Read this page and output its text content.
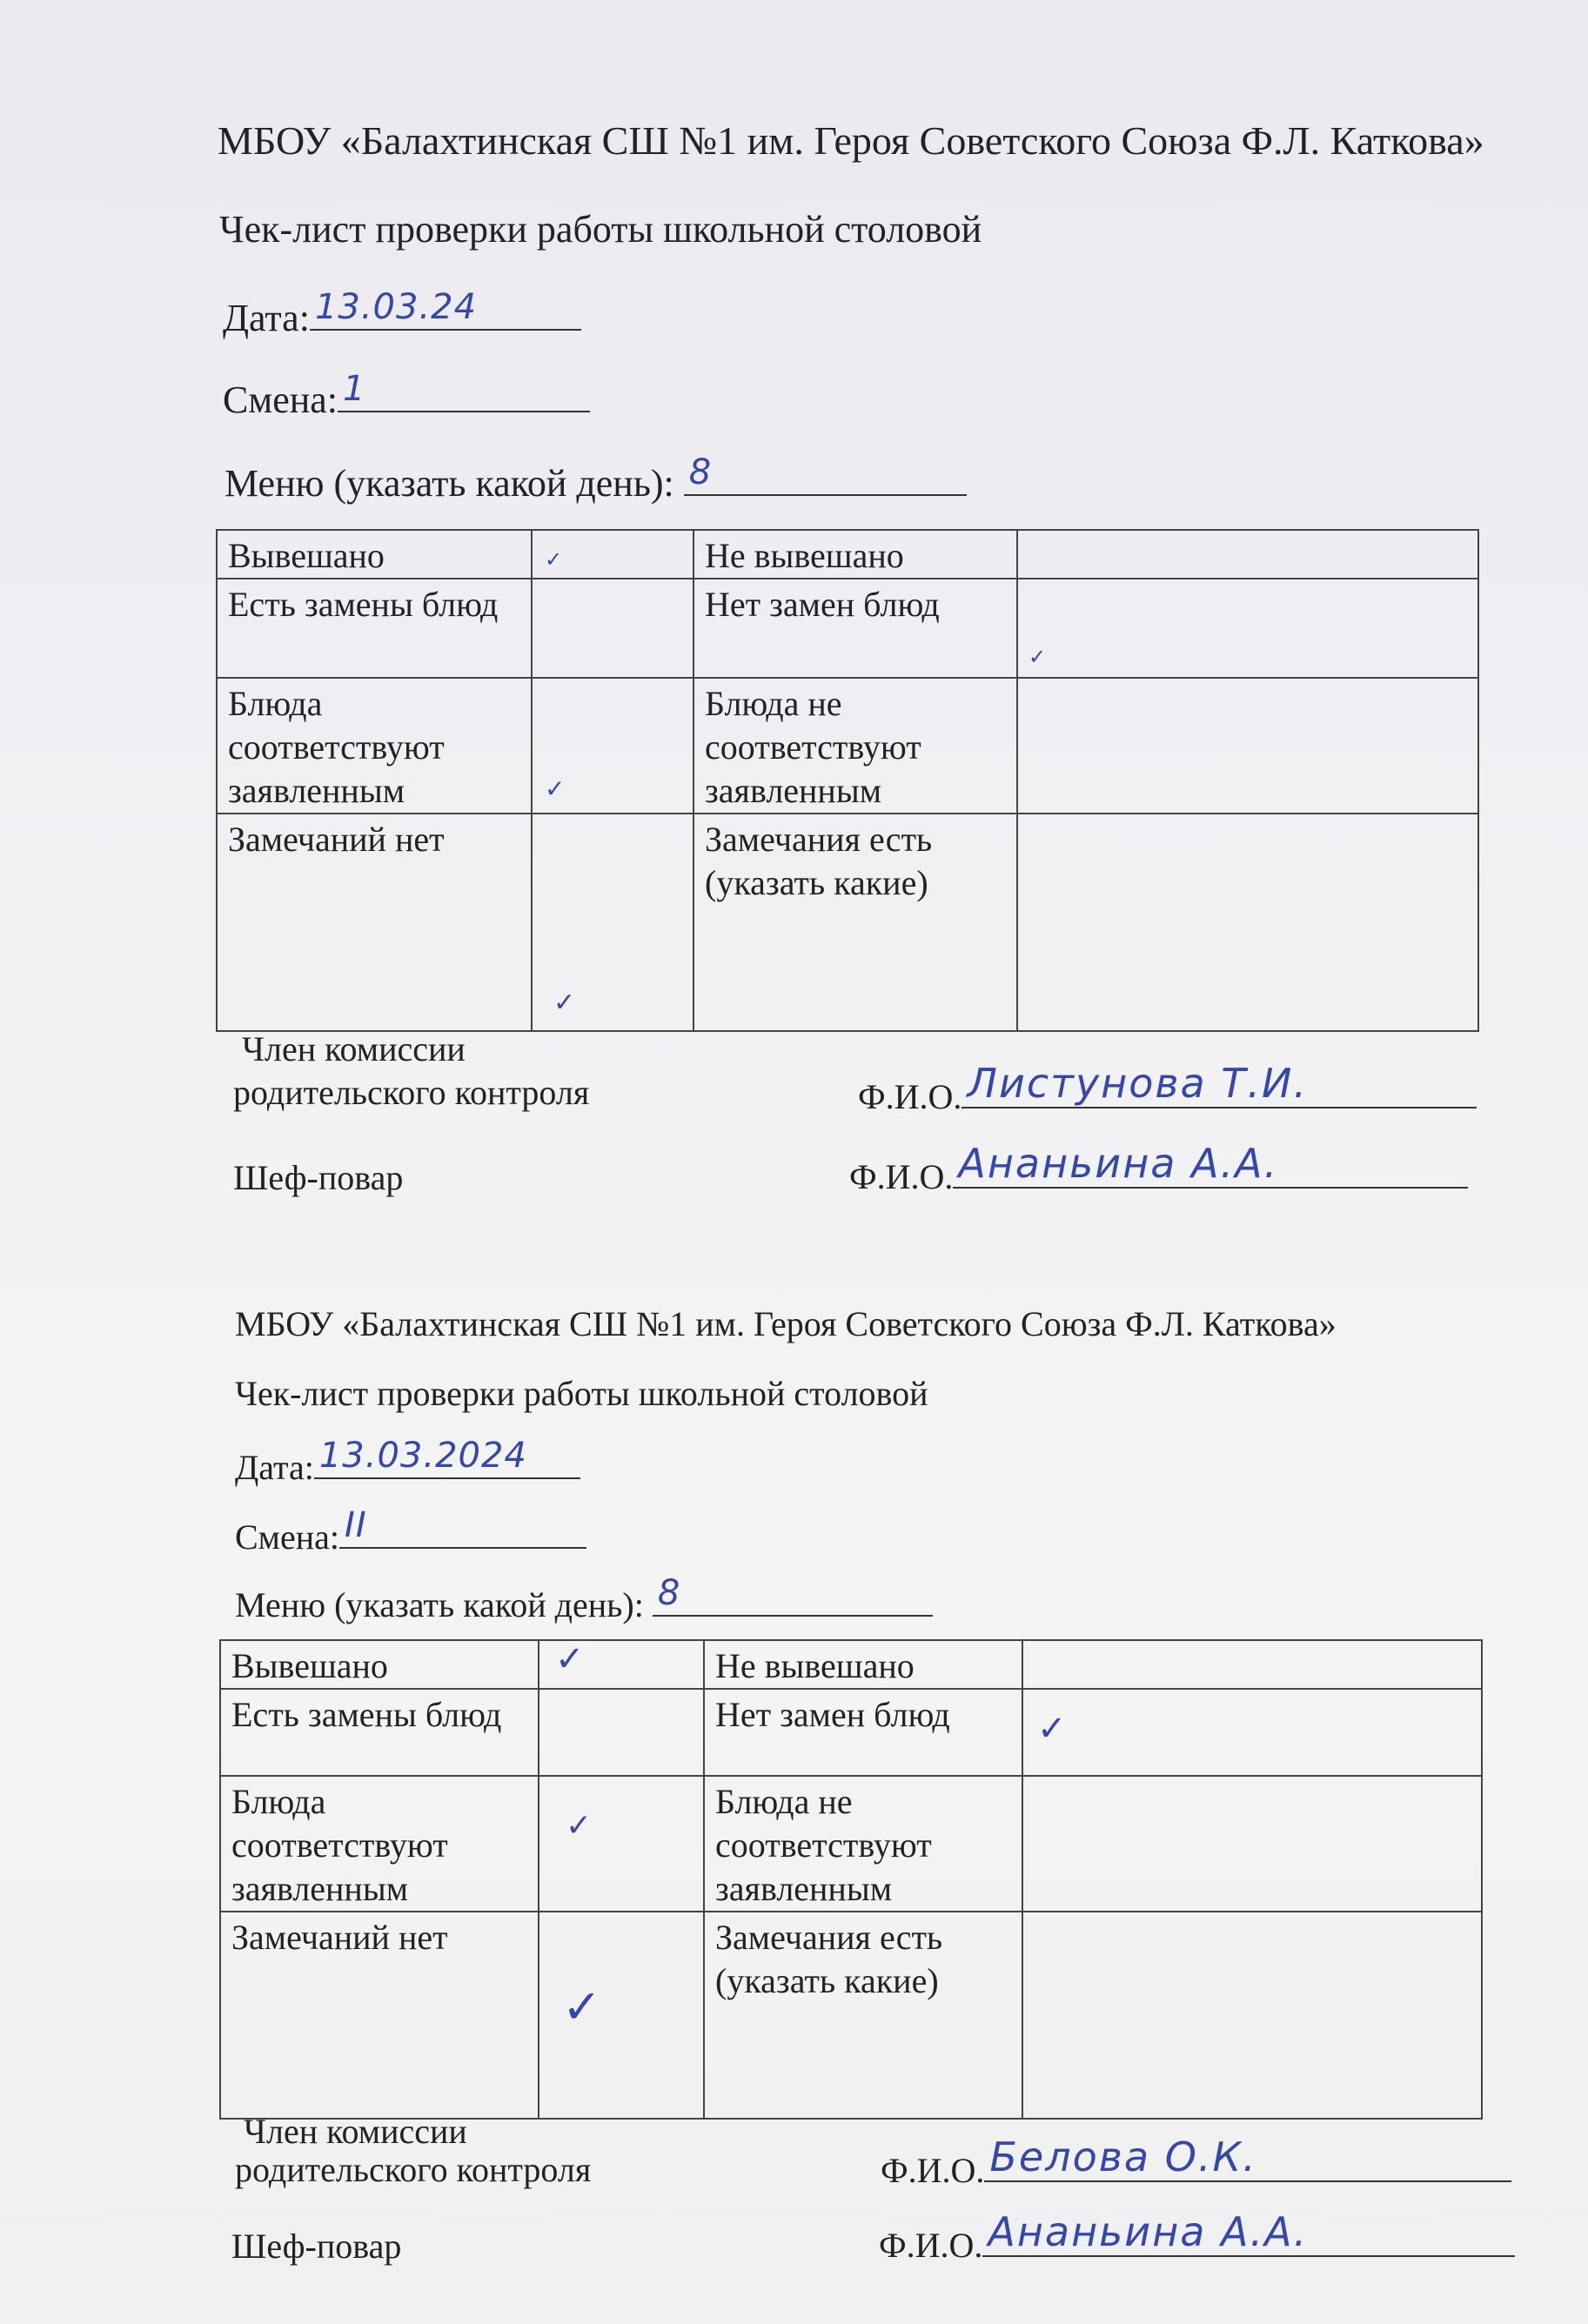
МБОУ «Балахтинская СШ №1 им. Героя Советского Союза Ф.Л. Каткова»
Чек-лист проверки работы школьной столовой
Дата: 13.03.24
Смена: 1
Меню (указать какой день): 8
Вывешано	✓	Не вывешано	
Есть замены блюд		Нет замен блюд	✓

Блюда соответствуют заявленным	✓	Блюда не соответствуют заявленным	
Замечаний нет	✓	Замечания есть (указать какие)	
Член комиссии
родительского контроля	Ф.И.О. Листунова Т.И.
Шеф-повар	Ф.И.О. Ананьина А.А.
МБОУ «Балахтинская СШ №1 им. Героя Советского Союза Ф.Л. Каткова»
Чек-лист проверки работы школьной столовой
Дата: 13.03.2024
Смена: II
Меню (указать какой день): 8
Вывешано	✓	Не вывешано	
Есть замены блюд		Нет замен блюд	✓

Блюда соответствуют заявленным	✓	Блюда не соответствуют заявленным	
Замечаний нет	✓	Замечания есть (указать какие)	
Член комиссии
родительского контроля	Ф.И.О. Белова О.К.
Шеф-повар	Ф.И.О. Ананьина А.А.
